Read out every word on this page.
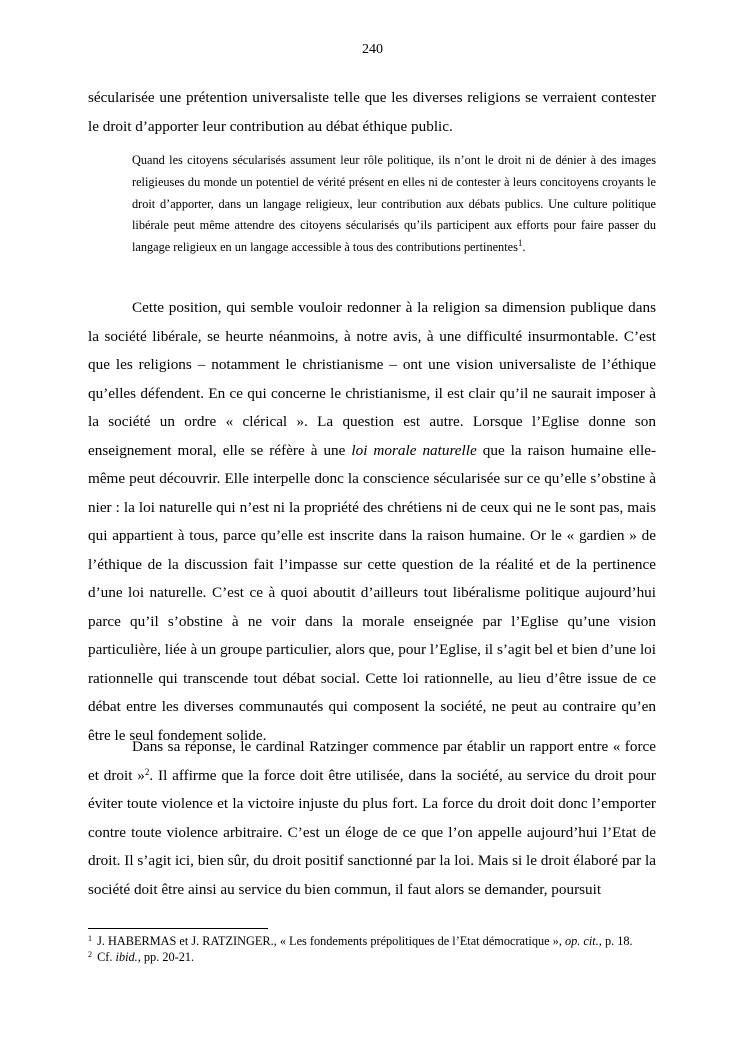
240
sécularisée une prétention universaliste telle que les diverses religions se verraient contester le droit d’apporter leur contribution au débat éthique public.
Quand les citoyens sécularisés assument leur rôle politique, ils n’ont le droit ni de dénier à des images religieuses du monde un potentiel de vérité présent en elles ni de contester à leurs concitoyens croyants le droit d’apporter, dans un langage religieux, leur contribution aux débats publics. Une culture politique libérale peut même attendre des citoyens sécularisés qu’ils participent aux efforts pour faire passer du langage religieux en un langage accessible à tous des contributions pertinentes$^1$.
Cette position, qui semble vouloir redonner à la religion sa dimension publique dans la société libérale, se heurte néanmoins, à notre avis, à une difficulté insurmontable. C’est que les religions – notamment le christianisme – ont une vision universaliste de l’éthique qu’elles défendent. En ce qui concerne le christianisme, il est clair qu’il ne saurait imposer à la société un ordre « clérical ». La question est autre. Lorsque l’Eglise donne son enseignement moral, elle se réfère à une loi morale naturelle que la raison humaine elle-même peut découvrir. Elle interpelle donc la conscience sécularisée sur ce qu’elle s’obstine à nier : la loi naturelle qui n’est ni la propriété des chrétiens ni de ceux qui ne le sont pas, mais qui appartient à tous, parce qu’elle est inscrite dans la raison humaine. Or le « gardien » de l’éthique de la discussion fait l’impasse sur cette question de la réalité et de la pertinence d’une loi naturelle. C’est ce à quoi aboutit d’ailleurs tout libéralisme politique aujourd’hui parce qu’il s’obstine à ne voir dans la morale enseignée par l’Eglise qu’une vision particulière, liée à un groupe particulier, alors que, pour l’Eglise, il s’agit bel et bien d’une loi rationnelle qui transcende tout débat social. Cette loi rationnelle, au lieu d’être issue de ce débat entre les diverses communautés qui composent la société, ne peut au contraire qu’en être le seul fondement solide.
Dans sa réponse, le cardinal Ratzinger commence par établir un rapport entre « force et droit »$^2$. Il affirme que la force doit être utilisée, dans la société, au service du droit pour éviter toute violence et la victoire injuste du plus fort. La force du droit doit donc l’emporter contre toute violence arbitraire. C’est un éloge de ce que l’on appelle aujourd’hui l’Etat de droit. Il s’agit ici, bien sûr, du droit positif sanctionné par la loi. Mais si le droit élaboré par la société doit être ainsi au service du bien commun, il faut alors se demander, poursuit
$^1$ J. HABERMAS et J. RATZINGER., « Les fondements prépolitiques de l’Etat démocratique », op. cit., p. 18.
$^2$ Cf. ibid., pp. 20-21.
